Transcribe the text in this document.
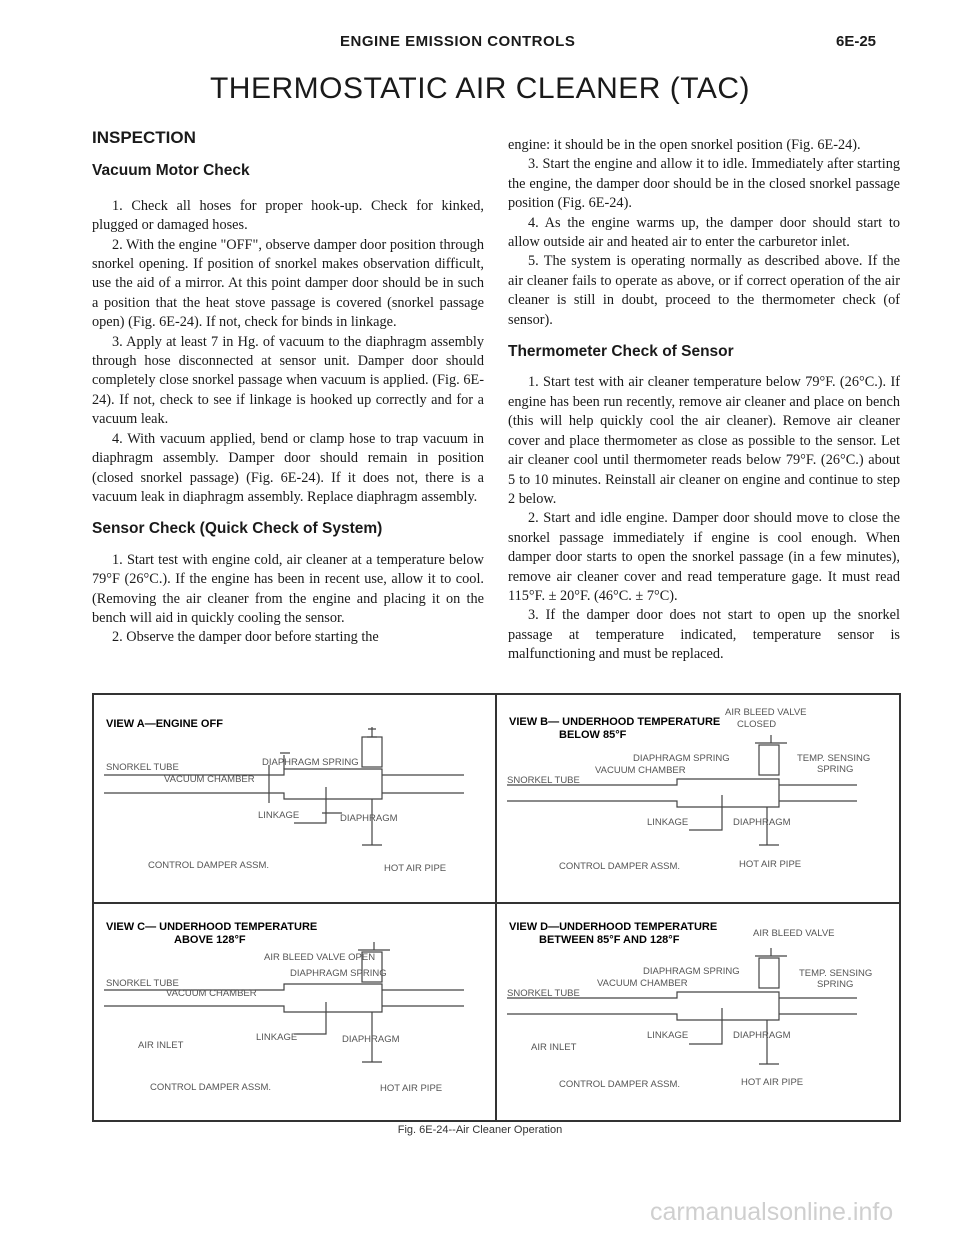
ENGINE EMISSION CONTROLS	6E-25
THERMOSTATIC AIR CLEANER (TAC)
INSPECTION
Vacuum Motor Check

1. Check all hoses for proper hook-up. Check for kinked, plugged or damaged hoses.

2. With the engine "OFF", observe damper door position through snorkel opening. If position of snorkel makes observation difficult, use the aid of a mirror. At this point damper door should be in such a position that the heat stove passage is covered (snorkel passage open) (Fig. 6E-24). If not, check for binds in linkage.

3. Apply at least 7 in Hg. of vacuum to the diaphragm assembly through hose disconnected at sensor unit. Damper door should completely close snorkel passage when vacuum is applied. (Fig. 6E-24). If not, check to see if linkage is hooked up correctly and for a vacuum leak.

4. With vacuum applied, bend or clamp hose to trap vacuum in diaphragm assembly. Damper door should remain in position (closed snorkel passage) (Fig. 6E-24). If it does not, there is a vacuum leak in diaphragm assembly. Replace diaphragm assembly.

Sensor Check (Quick Check of System)

1. Start test with engine cold, air cleaner at a temperature below 79°F (26°C.). If the engine has been in recent use, allow it to cool. (Removing the air cleaner from the engine and placing it on the bench will aid in quickly cooling the sensor.

2. Observe the damper door before starting the

engine: it should be in the open snorkel position (Fig. 6E-24).

3. Start the engine and allow it to idle. Immediately after starting the engine, the damper door should be in the closed snorkel passage position (Fig. 6E-24).

4. As the engine warms up, the damper door should start to allow outside air and heated air to enter the carburetor inlet.

5. The system is operating normally as described above. If the air cleaner fails to operate as above, or if correct operation of the air cleaner is still in doubt, proceed to the thermometer check (of sensor).

Thermometer Check of Sensor

1. Start test with air cleaner temperature below 79°F. (26°C.). If engine has been run recently, remove air cleaner and place on bench (this will help quickly cool the air cleaner). Remove air cleaner cover and place thermometer as close as possible to the sensor. Let air cleaner cool until thermometer reads below 79°F. (26°C.) about 5 to 10 minutes. Reinstall air cleaner on engine and continue to step 2 below.

2. Start and idle engine. Damper door should move to close the snorkel passage immediately if engine is cool enough. When damper door starts to open the snorkel passage (in a few minutes), remove air cleaner cover and read temperature gage. It must read 115°F. ± 20°F. (46°C. ± 7°C).

3. If the damper door does not start to open up the snorkel passage at temperature indicated, temperature sensor is malfunctioning and must be replaced.

VIEW A—ENGINE OFF
SNORKEL TUBE
VACUUM CHAMBER
DIAPHRAGM SPRING
LINKAGE	DIAPHRAGM
CONTROL DAMPER ASSM.	HOT AIR PIPE
VIEW B— UNDERHOOD TEMPERATURE
BELOW 85°F
AIR BLEED VALVE
CLOSED
DIAPHRAGM SPRING	TEMP. SENSING
SPRING
VACUUM CHAMBER
SNORKEL TUBE
LINKAGE	DIAPHRAGM
CONTROL DAMPER ASSM.	HOT AIR PIPE
VIEW C— UNDERHOOD TEMPERATURE
ABOVE 128°F
AIR BLEED VALVE OPEN
DIAPHRAGM SPRING
SNORKEL TUBE
VACUUM CHAMBER
AIR INLET
LINKAGE	DIAPHRAGM
CONTROL DAMPER ASSM.	HOT AIR PIPE
VIEW D—UNDERHOOD TEMPERATURE
BETWEEN 85°F AND 128°F
AIR BLEED VALVE
DIAPHRAGM SPRING	TEMP. SENSING
SPRING
VACUUM CHAMBER
SNORKEL TUBE
AIR INLET
LINKAGE	DIAPHRAGM
CONTROL DAMPER ASSM.	HOT AIR PIPE
Fig. 6E-24--Air Cleaner Operation
carmanualsonline.info
